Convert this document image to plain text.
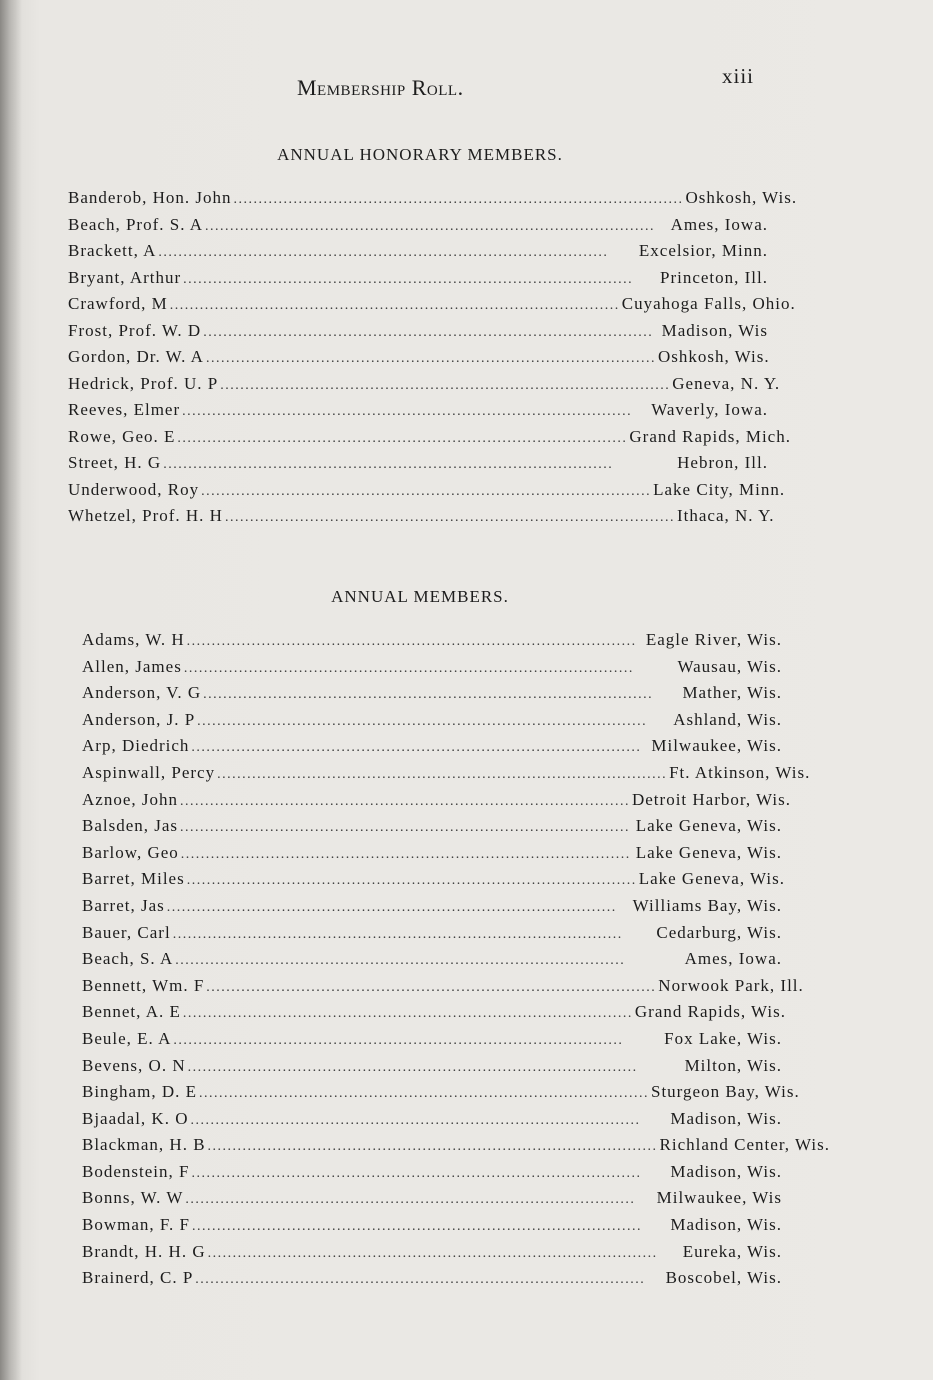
Membership Roll.	xiii
ANNUAL HONORARY MEMBERS.
Banderob, Hon. John .......................................................................................... Oshkosh, Wis.
Beach, Prof. S. A .......................................................................................... Ames, Iowa.
Brackett, A ..........................................................................................	Excelsior, Minn.
Bryant, Arthur ..........................................................................................	Princeton, Ill.
Crawford, M .......................................................................................... Cuyahoga Falls, Ohio.
Frost, Prof. W. D .......................................................................................... Madison, Wis
Gordon, Dr. W. A .......................................................................................... Oshkosh, Wis.
Hedrick, Prof. U. P .......................................................................................... Geneva, N. Y.
Reeves, Elmer ..........................................................................................	Waverly, Iowa.
Rowe, Geo. E .......................................................................................... Grand Rapids, Mich.
Street, H. G ..........................................................................................	Hebron, Ill.
Underwood, Roy .......................................................................................... Lake City, Minn.
Whetzel, Prof. H. H .......................................................................................... Ithaca, N. Y.
ANNUAL MEMBERS.
Adams, W. H .......................................................................................... Eagle River, Wis.
Allen, James ..........................................................................................	Wausau, Wis.
Anderson, V. G ..........................................................................................	Mather, Wis.
Anderson, J. P ..........................................................................................	Ashland, Wis.
Arp, Diedrich .......................................................................................... Milwaukee, Wis.
Aspinwall, Percy .......................................................................................... Ft. Atkinson, Wis.
Aznoe, John .......................................................................................... Detroit Harbor, Wis.
Balsden, Jas .......................................................................................... Lake Geneva, Wis.
Barlow, Geo .......................................................................................... Lake Geneva, Wis.
Barret, Miles .......................................................................................... Lake Geneva, Wis.
Barret, Jas .......................................................................................... Williams Bay, Wis.
Bauer, Carl ..........................................................................................	Cedarburg, Wis.
Beach, S. A ..........................................................................................	Ames, Iowa.
Bennett, Wm. F .......................................................................................... Norwook Park, Ill.
Bennet, A. E .......................................................................................... Grand Rapids, Wis.
Beule, E. A ..........................................................................................	Fox Lake, Wis.
Bevens, O. N ..........................................................................................	Milton, Wis.
Bingham, D. E .......................................................................................... Sturgeon Bay, Wis.
Bjaadal, K. O ..........................................................................................	Madison, Wis.
Blackman, H. B .......................................................................................... Richland Center, Wis.
Bodenstein, F ..........................................................................................	Madison, Wis.
Bonns, W. W ..........................................................................................	Milwaukee, Wis
Bowman, F. F ..........................................................................................	Madison, Wis.
Brandt, H. H. G ..........................................................................................	Eureka, Wis.
Brainerd, C. P ..........................................................................................	Boscobel, Wis.
